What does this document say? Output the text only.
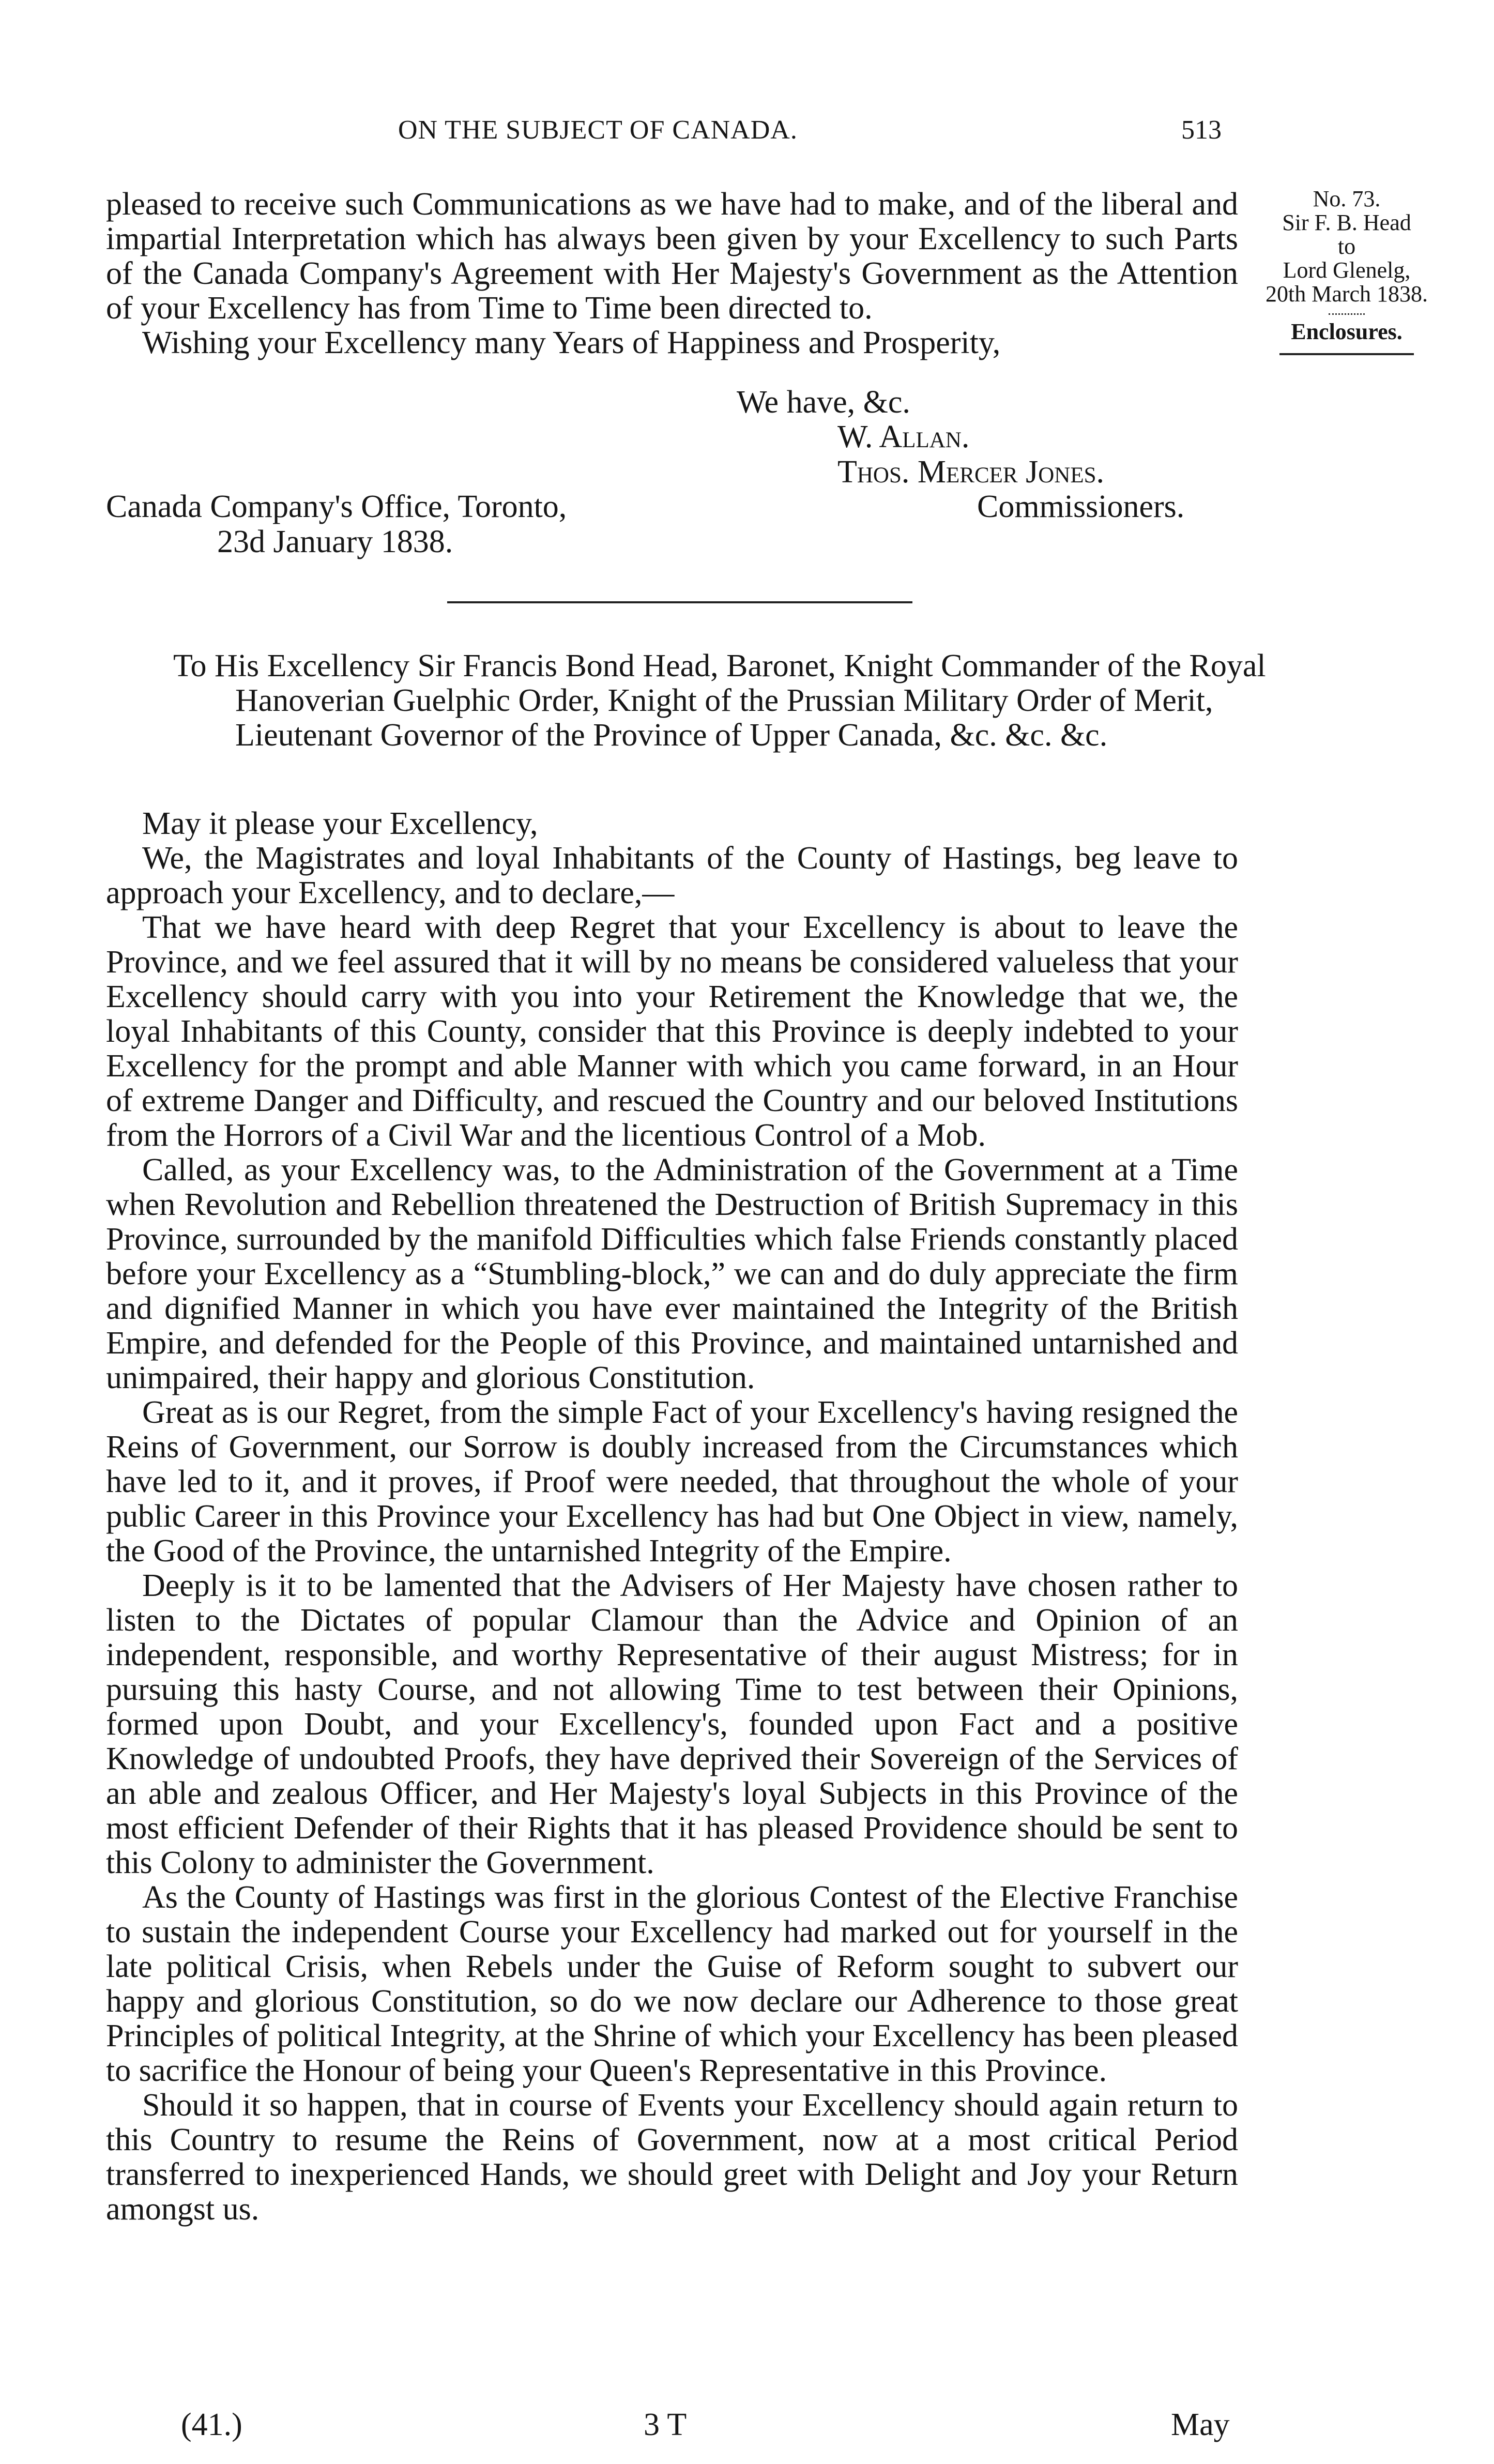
ON THE SUBJECT OF CANADA.	513
No. 73.
Sir F. B. Head
to
Lord Glenelg,
20th March 1838.
Enclosures.

pleased to receive such Communications as we have had to make, and of the liberal and impartial Interpretation which has always been given by your Excellency to such Parts of the Canada Company's Agreement with Her Majesty's Government as the Attention of your Excellency has from Time to Time been directed to.

Wishing your Excellency many Years of Happiness and Prosperity,

We have, &c.
W. Allan.
Thos. Mercer Jones.
Canada Company's Office, Toronto,	Commissioners.
23d January 1838.
To His Excellency Sir Francis Bond Head, Baronet, Knight Commander of the Royal Hanoverian Guelphic Order, Knight of the Prussian Military Order of Merit, Lieutenant Governor of the Province of Upper Canada, &c. &c. &c.

May it please your Excellency,

We, the Magistrates and loyal Inhabitants of the County of Hastings, beg leave to approach your Excellency, and to declare,—

That we have heard with deep Regret that your Excellency is about to leave the Province, and we feel assured that it will by no means be considered valueless that your Excellency should carry with you into your Retirement the Knowledge that we, the loyal Inhabitants of this County, consider that this Province is deeply indebted to your Excellency for the prompt and able Manner with which you came forward, in an Hour of extreme Danger and Difficulty, and rescued the Country and our beloved Institutions from the Horrors of a Civil War and the licentious Control of a Mob.

Called, as your Excellency was, to the Administration of the Government at a Time when Revolution and Rebellion threatened the Destruction of British Supremacy in this Province, surrounded by the manifold Difficulties which false Friends constantly placed before your Excellency as a “Stumbling-block,” we can and do duly appreciate the firm and dignified Manner in which you have ever maintained the Integrity of the British Empire, and defended for the People of this Province, and maintained untarnished and unimpaired, their happy and glorious Constitution.

Great as is our Regret, from the simple Fact of your Excellency's having resigned the Reins of Government, our Sorrow is doubly increased from the Circumstances which have led to it, and it proves, if Proof were needed, that throughout the whole of your public Career in this Province your Excellency has had but One Object in view, namely, the Good of the Province, the untarnished Integrity of the Empire.

Deeply is it to be lamented that the Advisers of Her Majesty have chosen rather to listen to the Dictates of popular Clamour than the Advice and Opinion of an independent, responsible, and worthy Representative of their august Mistress; for in pursuing this hasty Course, and not allowing Time to test between their Opinions, formed upon Doubt, and your Excellency's, founded upon Fact and a positive Knowledge of undoubted Proofs, they have deprived their Sovereign of the Services of an able and zealous Officer, and Her Majesty's loyal Subjects in this Province of the most efficient Defender of their Rights that it has pleased Providence should be sent to this Colony to administer the Government.

As the County of Hastings was first in the glorious Contest of the Elective Franchise to sustain the independent Course your Excellency had marked out for yourself in the late political Crisis, when Rebels under the Guise of Reform sought to subvert our happy and glorious Constitution, so do we now declare our Adherence to those great Principles of political Integrity, at the Shrine of which your Excellency has been pleased to sacrifice the Honour of being your Queen's Representative in this Province.

Should it so happen, that in course of Events your Excellency should again return to this Country to resume the Reins of Government, now at a most critical Period transferred to inexperienced Hands, we should greet with Delight and Joy your Return amongst us.

(41.)	3 T	May
